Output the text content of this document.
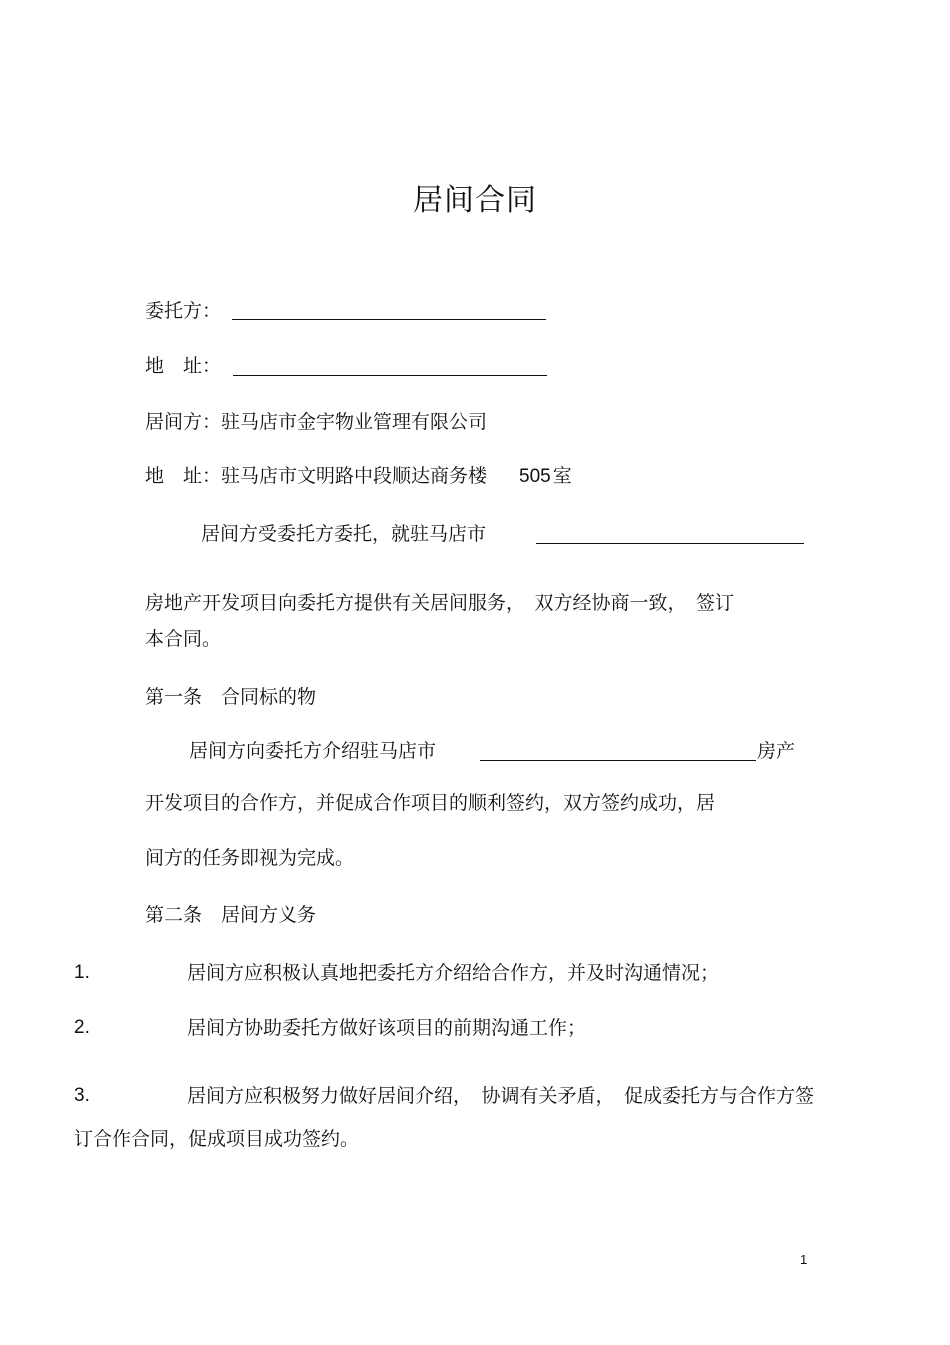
居间合同
委托方：
地　址：
居间方：驻马店市金宇物业管理有限公司
地　址：驻马店市文明路中段顺达商务楼 505 室
居间方受委托方委托，就驻马店市
房地产开发项目向委托方提供有关居间服务，　双方经协商一致，　签订
本合同。
第一条　合同标的物
居间方向委托方介绍驻马店市	房产
开发项目的合作方，并促成合作项目的顺利签约，双方签约成功，居
间方的任务即视为完成。
第二条　居间方义务
1.	居间方应积极认真地把委托方介绍给合作方，并及时沟通情况；
2.	居间方协助委托方做好该项目的前期沟通工作；
3.	居间方应积极努力做好居间介绍，　协调有关矛盾，　促成委托方与合作方签
订合作合同，促成项目成功签约。
1
